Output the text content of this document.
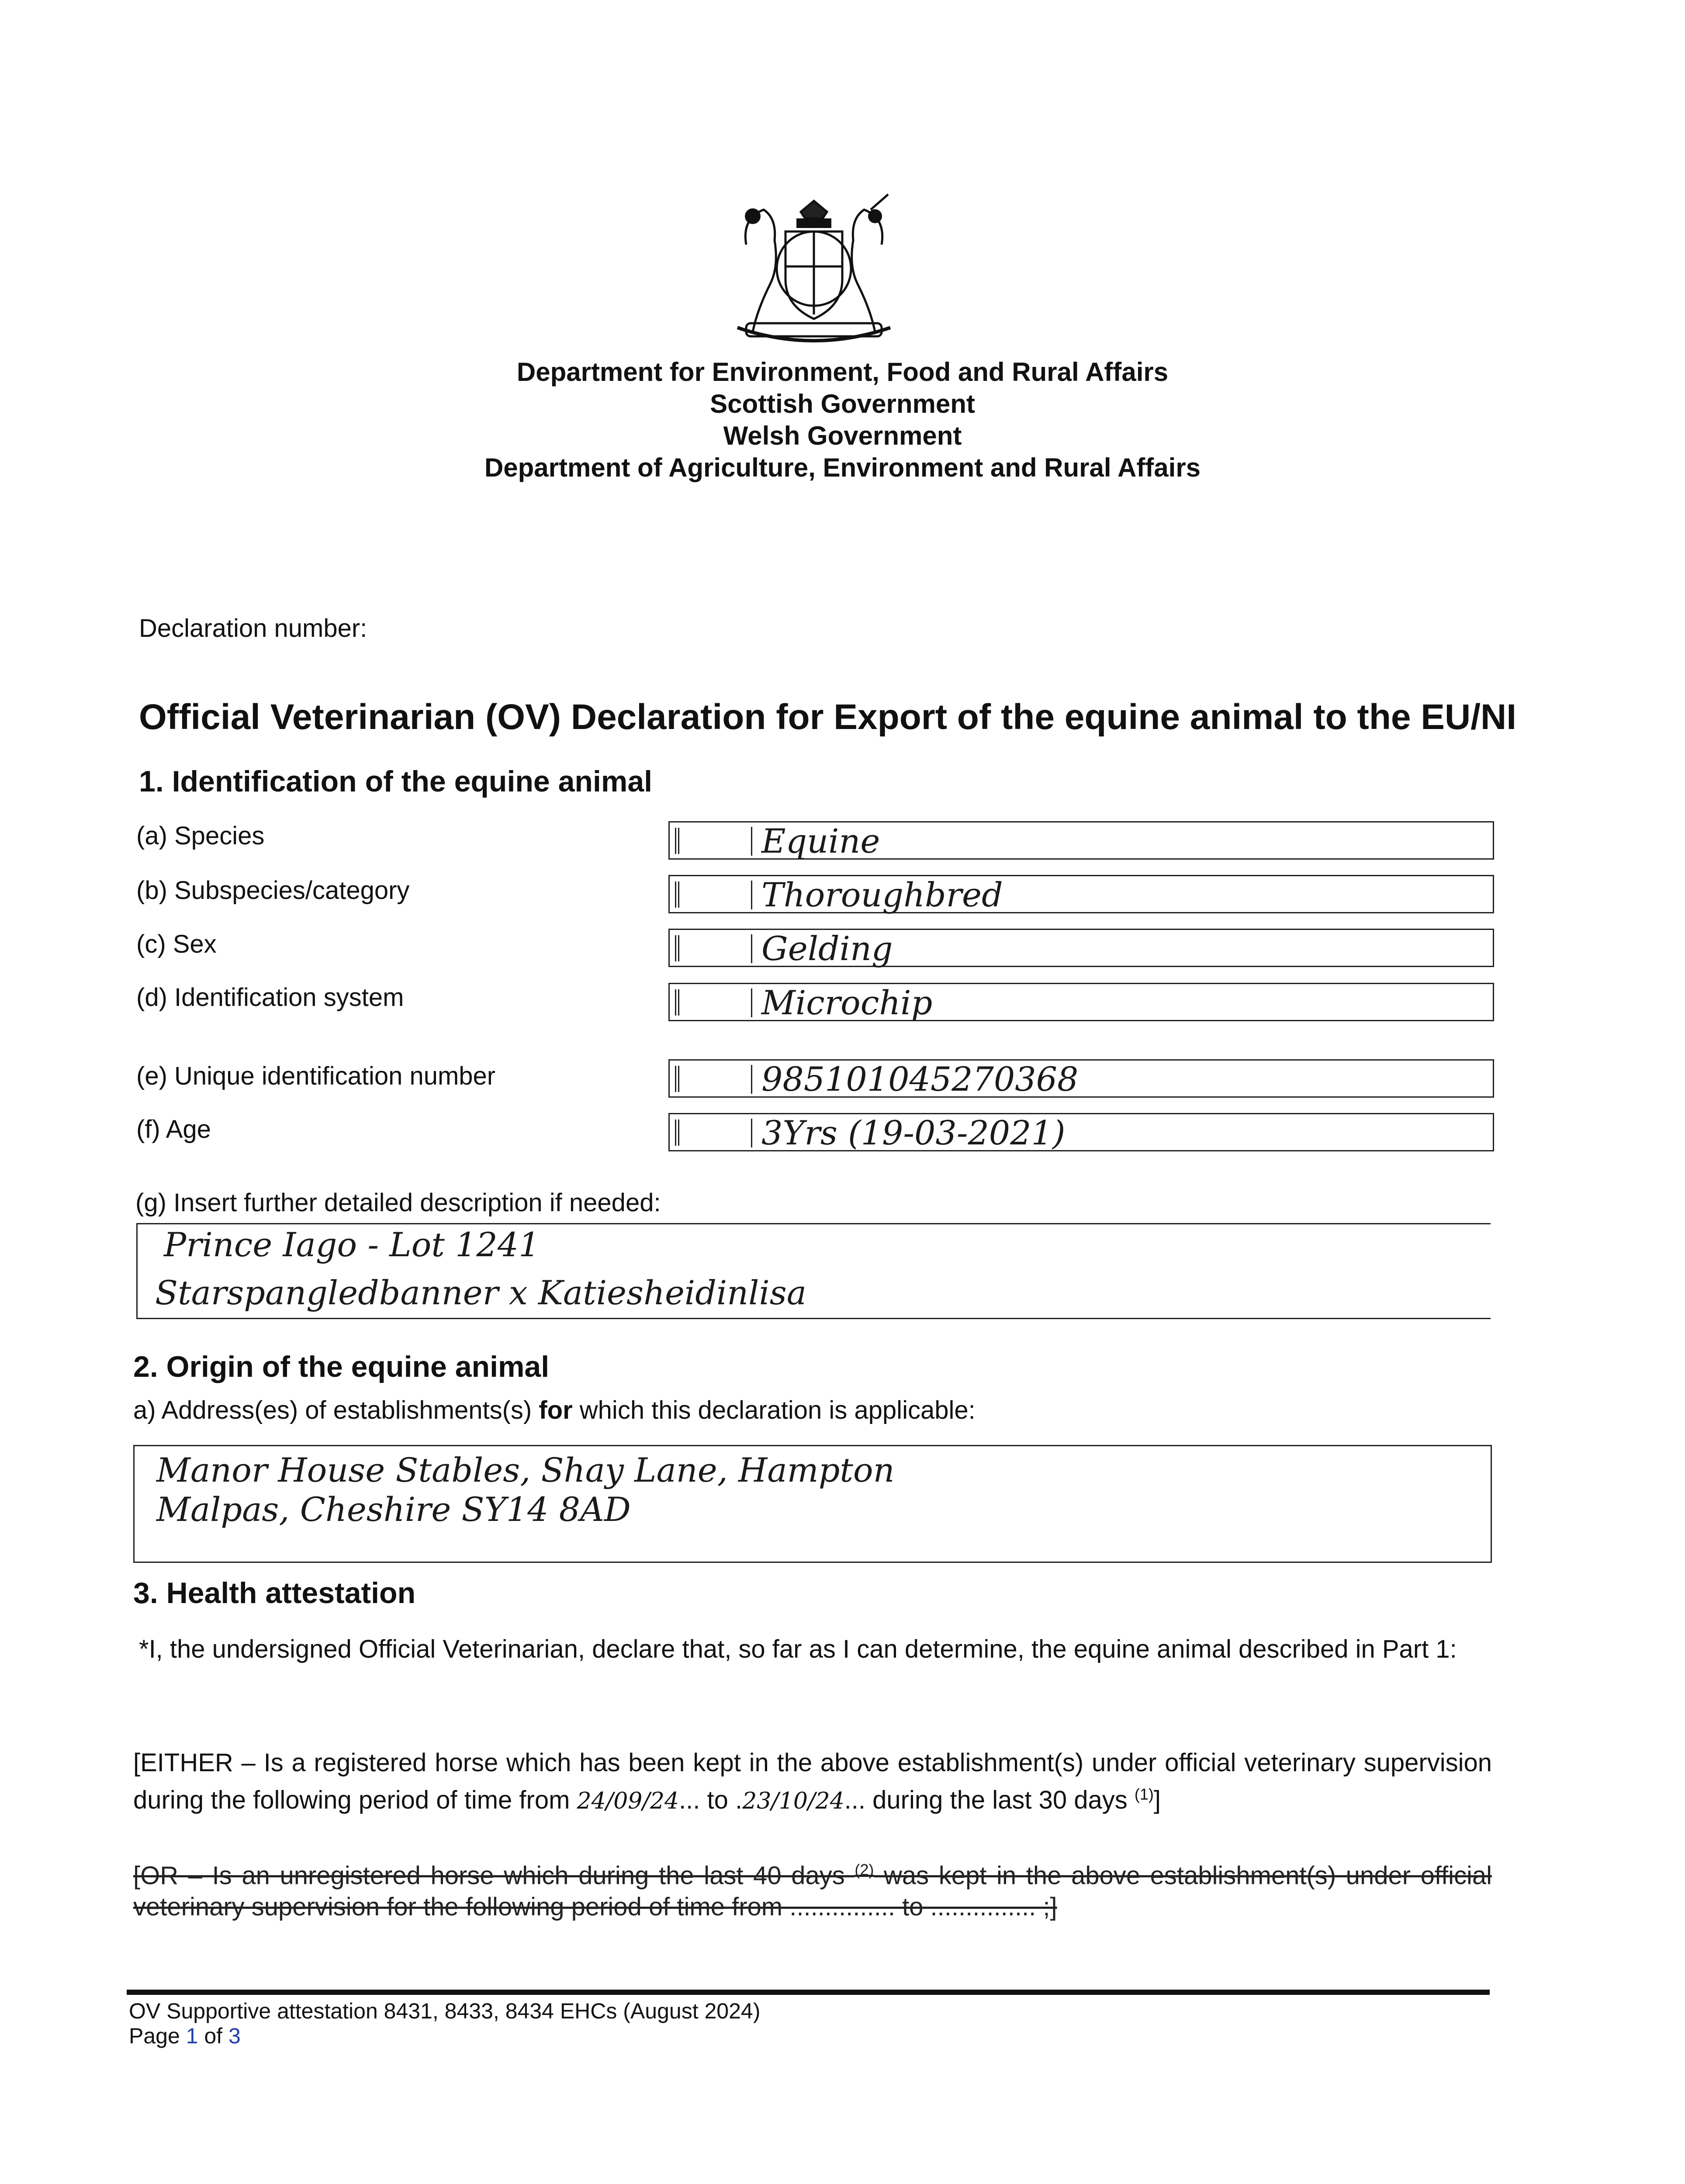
Department for Environment, Food and Rural Affairs
Scottish Government
Welsh Government
Department of Agriculture, Environment and Rural Affairs
Declaration number:
Official Veterinarian (OV) Declaration for Export of the equine animal to the EU/NI
1. Identification of the equine animal
(a) Species	Equine
(b) Subspecies/category	Thoroughbred
(c) Sex	Gelding
(d) Identification system	Microchip
(e) Unique identification number	985101045270368
(f) Age	3Yrs (19-03-2021)
(g) Insert further detailed description if needed:
Prince Iago - Lot 1241
Starspangledbanner x Katiesheidinlisa
2. Origin of the equine animal
a) Address(es) of establishments(s) for which this declaration is applicable:
Manor House Stables, Shay Lane, Hampton
Malpas, Cheshire SY14 8AD
3. Health attestation
*I, the undersigned Official Veterinarian, declare that, so far as I can determine, the equine animal described in Part 1:
[EITHER – Is a registered horse which has been kept in the above establishment(s) under official veterinary supervision during the following period of time from 24/09/24... to .23/10/24... during the last 30 days $^{(1)}$]
[OR – Is an unregistered horse which during the last 40 days $^{(2)}$ was kept in the above establishment(s) under official veterinary supervision for the following period of time from ............... to ............... ;]
OV Supportive attestation 8431, 8433, 8434 EHCs (August 2024)
Page 1 of 3
